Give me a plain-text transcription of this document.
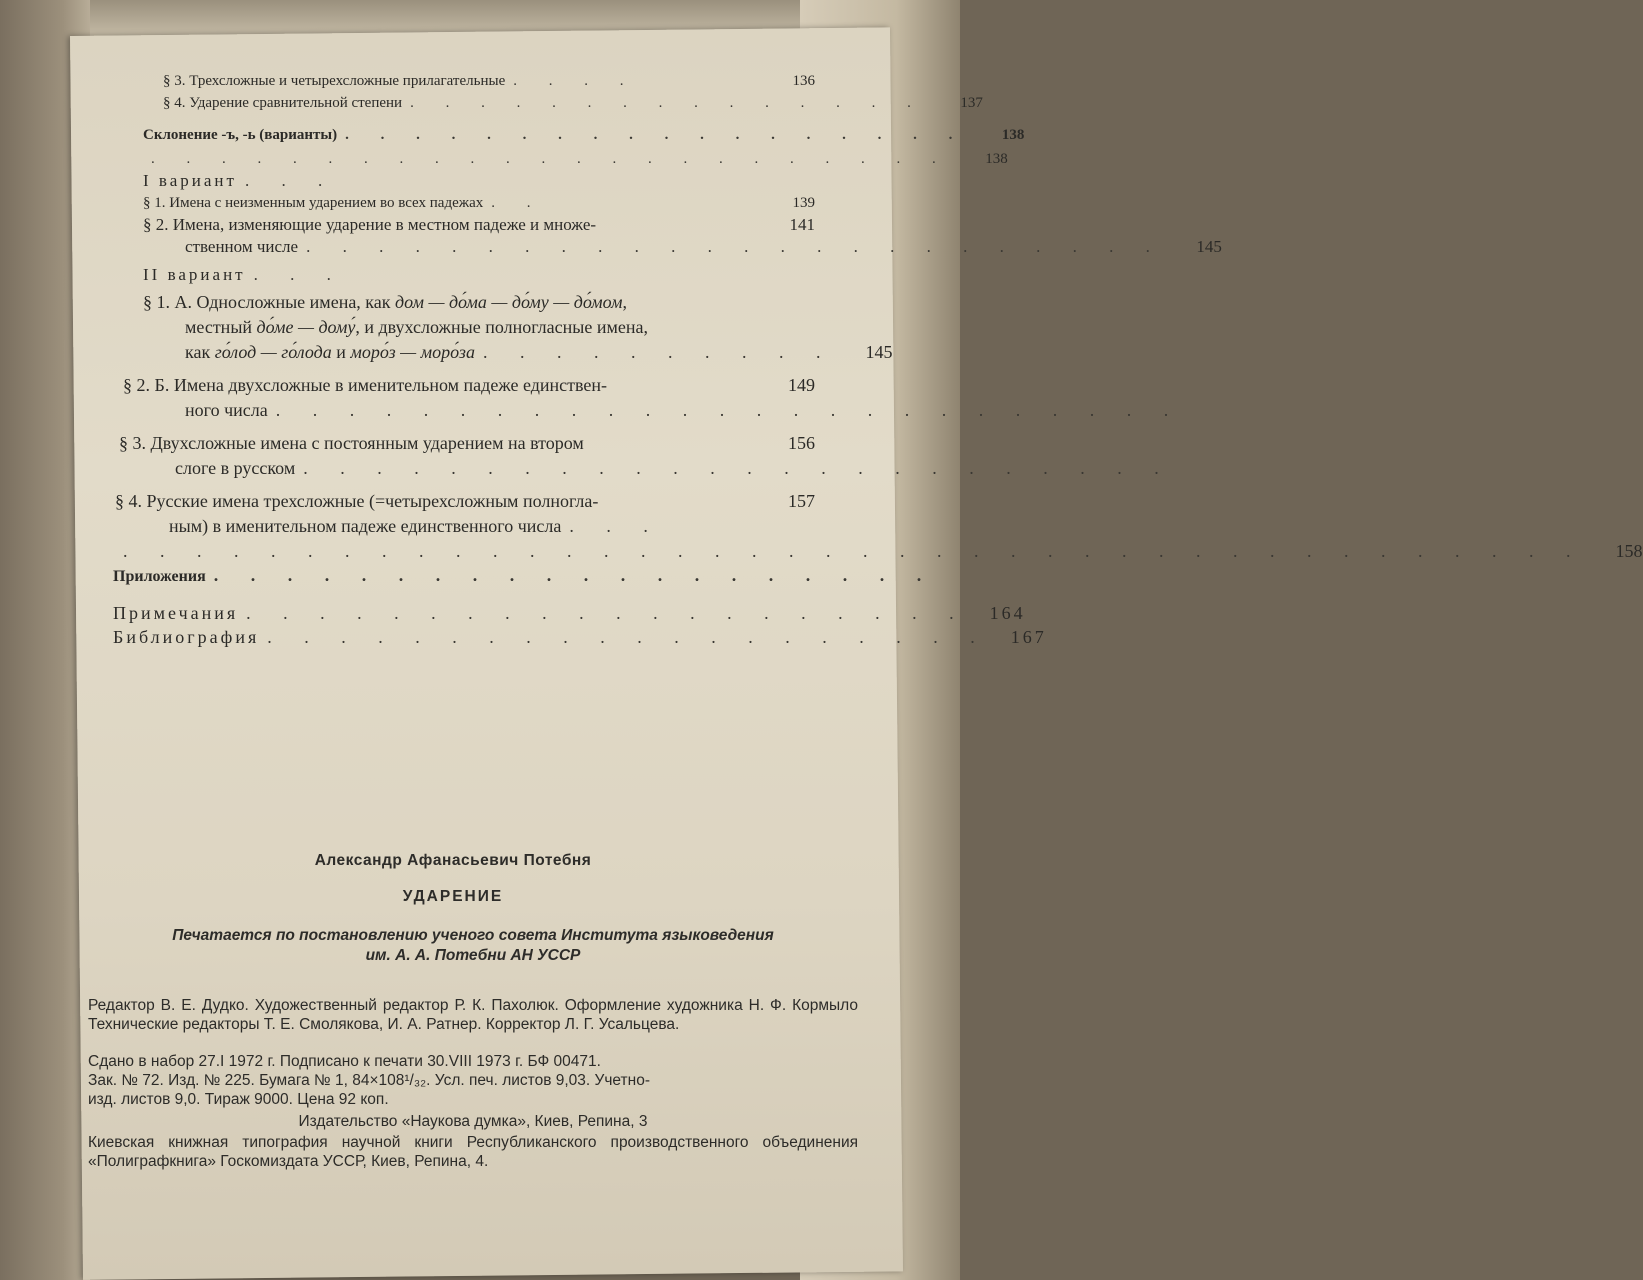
§ 3. Трехсложные и четырехсложные прилагательные . . . .	136
§ 4. Ударение сравнительной степени . . . . . . . . . . . . . . .	137
Склонение -ъ, -ь (варианты) . . . . . . . . . . . . . . . . . .	138
. . . . . . . . . . . . . . . . . . . . . . .	138
I вариант . . .
§ 1. Имена с неизменным ударением во всех падежах . .	139
§ 2. Имена, изменяющие ударение в местном падеже и множе-	141
ственном числе . . . . . . . . . . . . . . . . . . . . . . . .	145
II вариант . . .
§ 1. А. Односложные имена, как дом — до́ма — до́му — до́мом,
местный до́ме — дому́, и двухсложные полногласные имена,
как го́лод — го́лода и моро́з — моро́за . . . . . . . . . .	145
§ 2. Б. Имена двухсложные в именительном падеже единствен-	149
ного числа . . . . . . . . . . . . . . . . . . . . . . . . .
§ 3. Двухсложные имена с постоянным ударением на втором	156
слоге в русском . . . . . . . . . . . . . . . . . . . . . . . .
§ 4. Русские имена трехсложные (=четырехсложным полногла-	157
ным) в именительном падеже единственного числа . . .
. . . . . . . . . . . . . . . . . . . . . . . . . . . . . . . . . . . . . . . .	158
Приложения . . . . . . . . . . . . . . . . . . . .
Примечания . . . . . . . . . . . . . . . . . . . .	164
Библиография . . . . . . . . . . . . . . . . . . . .	167
Александр Афанасьевич Потебня
УДАРЕНИЕ
Печатается по постановлению ученого совета Института языковедения
им. А. А. Потебни АН УССР
Редактор В. Е. Дудко. Художественный редактор Р. К. Пахолюк. Оформление художника Н. Ф. Кормыло Технические редакторы Т. Е. Смолякова, И. А. Ратнер. Корректор Л. Г. Усальцева.
Сдано в набор 27.I 1972 г. Подписано к печати 30.VIII 1973 г. БФ 00471.
Зак. № 72. Изд. № 225. Бумага № 1, 84×108¹/₃₂. Усл. печ. листов 9,03. Учетно-
изд. листов 9,0. Тираж 9000. Цена 92 коп.
Издательство «Наукова думка», Киев, Репина, 3
Киевская книжная типография научной книги Республиканского производственного объединения «Полиграфкнига» Госкомиздата УССР, Киев, Репина, 4.
